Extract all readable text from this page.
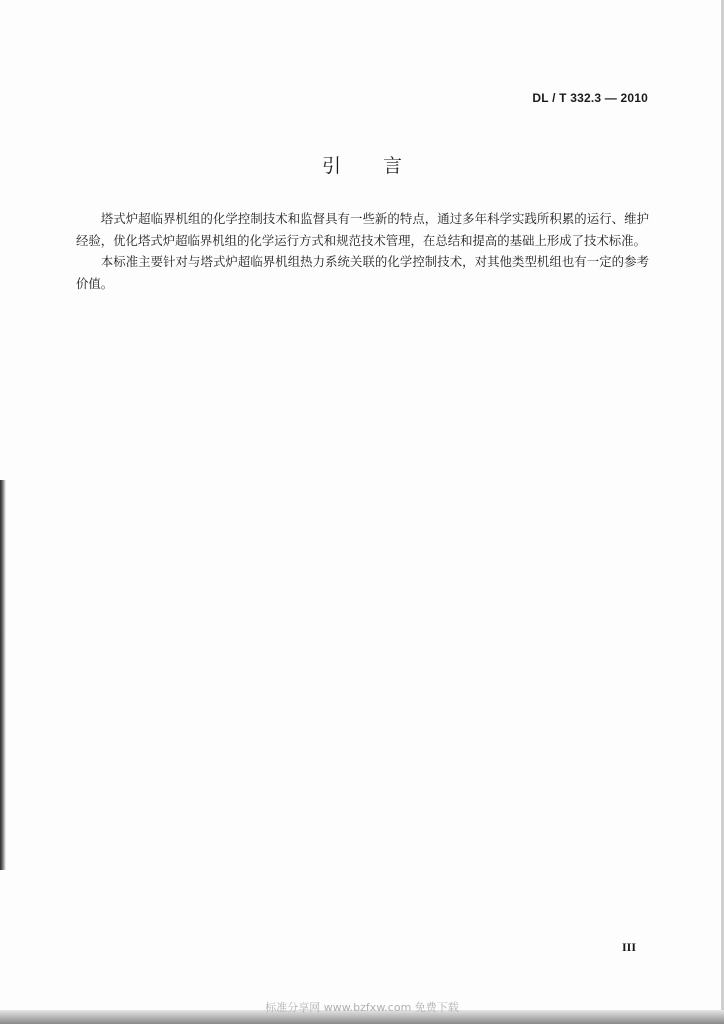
DL / T 332.3 — 2010
引 言

塔式炉超临界机组的化学控制技术和监督具有一些新的特点，通过多年科学实践所积累的运行、维护经验，优化塔式炉超临界机组的化学运行方式和规范技术管理，在总结和提高的基础上形成了技术标准。

本标准主要针对与塔式炉超临界机组热力系统关联的化学控制技术，对其他类型机组也有一定的参考价值。

III
标准分享网 www.bzfxw.com 免费下载
